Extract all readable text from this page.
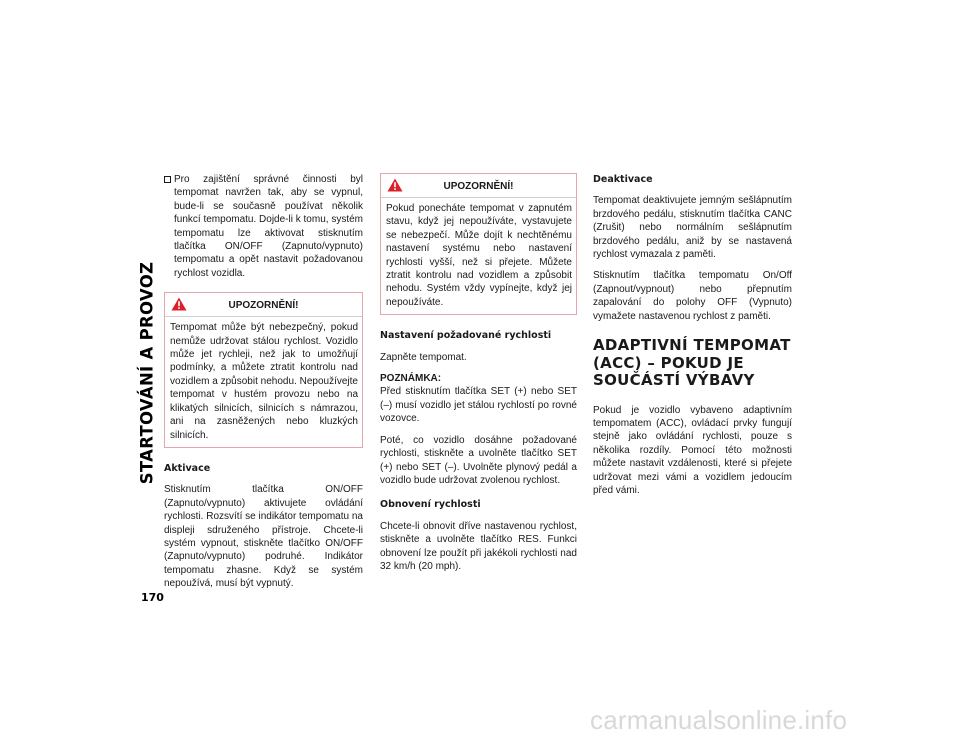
STARTOVÁNÍ A PROVOZ
170
Pro zajištění správné činnosti byl tempomat navržen tak, aby se vypnul, bude-li se současně používat několik funkcí tempomatu. Dojde-li k tomu, systém tempomatu lze aktivovat stisknutím tlačítka ON/OFF (Zapnuto/vypnuto) tempomatu a opět nastavit požadovanou rychlost vozidla.
UPOZORNĚNÍ!
Tempomat může být nebezpečný, pokud nemůže udržovat stálou rychlost. Vozidlo může jet rychleji, než jak to umožňují podmínky, a můžete ztratit kontrolu nad vozidlem a způsobit nehodu. Nepoužívejte tempomat v hustém provozu nebo na klikatých silnicích, silnicích s námrazou, ani na zasněžených nebo kluzkých silnicích.

Aktivace

Stisknutím tlačítka ON/OFF (Zapnuto/vypnuto) aktivujete ovládání rychlosti. Rozsvítí se indikátor tempomatu na displeji sdruženého přístroje. Chcete-li systém vypnout, stiskněte tlačítko ON/OFF (Zapnuto/vypnuto) podruhé. Indikátor tempomatu zhasne. Když se systém nepoužívá, musí být vypnutý.

UPOZORNĚNÍ!
Pokud ponecháte tempomat v zapnutém stavu, když jej nepoužíváte, vystavujete se nebezpečí. Může dojít k nechtěnému nastavení systému nebo nastavení rychlosti vyšší, než si přejete. Můžete ztratit kontrolu nad vozidlem a způsobit nehodu. Systém vždy vypínejte, když jej nepoužíváte.

Nastavení požadované rychlosti

Zapněte tempomat.

POZNÁMKA:

Před stisknutím tlačítka SET (+) nebo SET (–) musí vozidlo jet stálou rychlostí po rovné vozovce.

Poté, co vozidlo dosáhne požadované rychlosti, stiskněte a uvolněte tlačítko SET (+) nebo SET (–). Uvolněte plynový pedál a vozidlo bude udržovat zvolenou rychlost.

Obnovení rychlosti

Chcete-li obnovit dříve nastavenou rychlost, stiskněte a uvolněte tlačítko RES. Funkci obnovení lze použít při jakékoli rychlosti nad 32 km/h (20 mph).

Deaktivace

Tempomat deaktivujete jemným sešlápnutím brzdového pedálu, stisknutím tlačítka CANC (Zrušit) nebo normálním sešlápnutím brzdového pedálu, aniž by se nastavená rychlost vymazala z paměti.

Stisknutím tlačítka tempomatu On/Off (Zapnout/vypnout) nebo přepnutím zapalování do polohy OFF (Vypnuto) vymažete nastavenou rychlost z paměti.

ADAPTIVNÍ TEMPOMAT (ACC) – POKUD JE SOUČÁSTÍ VÝBAVY

Pokud je vozidlo vybaveno adaptivním tempomatem (ACC), ovládací prvky fungují stejně jako ovládání rychlosti, pouze s několika rozdíly. Pomocí této možnosti můžete nastavit vzdálenosti, které si přejete udržovat mezi vámi a vozidlem jedoucím před vámi.

carmanualsonline.info
